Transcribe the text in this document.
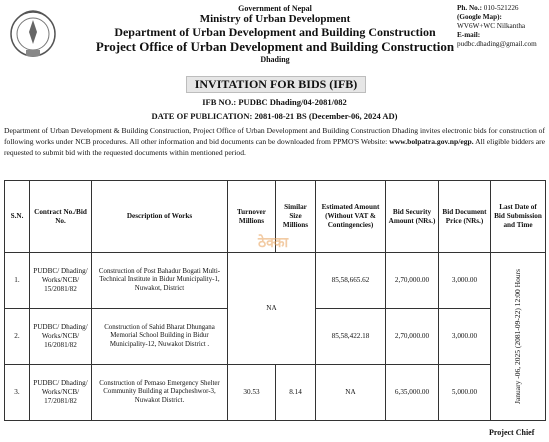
Government of Nepal
Ministry of Urban Development
Department of Urban Development and Building Construction
Project Office of Urban Development and Building Construction
Dhading
Ph. No.: 010-521226
(Google Map):
WV6W+WC Nilkantha
E-mail:
pudbc.dhading@gmail.com
INVITATION FOR BIDS (IFB)
IFB NO.: PUDBC Dhading/04-2081/082
DATE OF PUBLICATION: 2081-08-21 BS (December-06, 2024 AD)
Department of Urban Development & Building Construction, Project Office of Urban Development and Building Construction Dhading invites electronic bids for construction of following works under NCB procedures. All other information and bid documents can be downloaded from PPMO'S Website: www.bolpatra.gov.np/egp. All eligible bidders are requested to submit bid with the requested documents within mentioned period.
S.N.	Contract No./Bid No.	Description of Works	Turnover Millions	Similar Size Millions	Estimated Amount (Without VAT & Contingencies)	Bid Security Amount (NRs.)	Bid Document Price (NRs.)	Last Date of Bid Submission and Time
1.	PUDBC/ Dhading/ Works/NCB/ 15/2081/82	Construction of Post Bahadur Bogati Multi-Technical Institute in Bidur Municipality-1, Nuwakot, District	NA		85,58,665.62	2,70,000.00	3,000.00	January -06, 2025 (2081-09-22) 12:00 Hours

2.	PUDBC/ Dhading/ Works/NCB/ 16/2081/82	Construction of Sahid Bharat Dhungana Memorial School Building in Bidur Municipality-12, Nuwakot District .			85,58,422.18	2,70,000.00	3,000.00	
3.	PUDBC/ Dhading/ Works/NCB/ 17/2081/82	Construction of Pemaso Emergency Shelter Community Building at Dapcheshwor-3, Nuwakot District.	30.53	8.14	NA	6,35,000.00	5,000.00	
ठेक्का
Project Chief
